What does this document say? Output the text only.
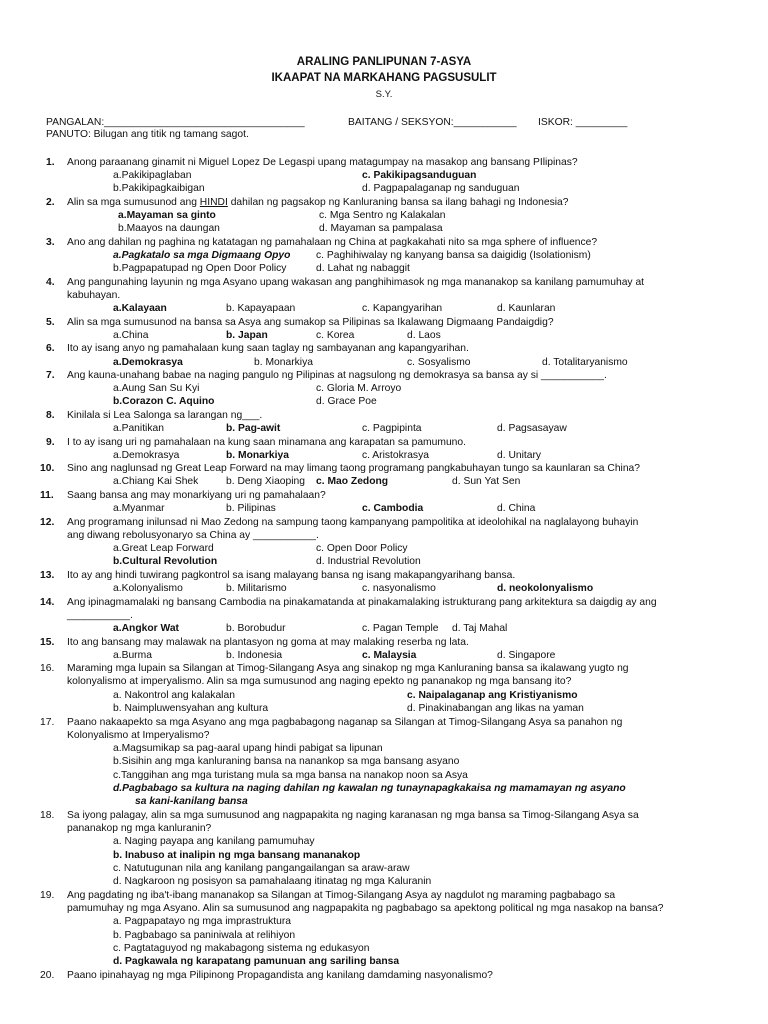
ARALING PANLIPUNAN 7-ASYA
IKAAPAT NA MARKAHANG PAGSUSULIT
S.Y.
PANGALAN:___________________________________	BAITANG / SEKSYON:___________ ISKOR: _________
PANUTO: Bilugan ang titik ng tamang sagot.
1. Anong paraanang ginamit ni Miguel Lopez De Legaspi upang matagumpay na masakop ang bansang PIlipinas?
a.Pakikipaglaban	c. Pakikipagsanduguan
b.Pakikipagkaibigan	d. Pagpapalaganap ng sanduguan
2. Alin sa mga sumusunod ang HINDI dahilan ng pagsakop ng Kanluraning bansa sa ilang bahagi ng Indonesia?
a.Mayaman sa ginto	c. Mga Sentro ng Kalakalan
b.Maayos na daungan	d. Mayaman sa pampalasa
3. Ano ang dahilan ng paghina ng katatagan ng pamahalaan ng China at pagkakahati nito sa mga sphere of influence?
a.Pagkatalo sa mga Digmaang Opyo c. Paghihiwalay ng kanyang bansa sa daigidig (Isolationism)
b.Pagpapatupad ng Open Door Policy	d. Lahat ng nabaggit
4. Ang pangunahing layunin ng mga Asyano upang wakasan ang panghihimasok ng mga mananakop sa kanilang pamumuhay at
kabuhayan.
a.Kalayaan	b. Kapayapaan	c. Kapangyarihan	d. Kaunlaran
5. Alin sa mga sumusunod na bansa sa Asya ang sumakop sa Pilipinas sa Ikalawang Digmaang Pandaigdig?
a.China	b. Japan	c. Korea	d. Laos
6. Ito ay isang anyo ng pamahalaan kung saan taglay ng sambayanan ang kapangyarihan.
a.Demokrasya	b. Monarkiya	c. Sosyalismo	d. Totalitaryanismo
7. Ang kauna-unahang babae na naging pangulo ng Pilipinas at nagsulong ng demokrasya sa bansa ay si ___________.
a.Aung San Su Kyi	c. Gloria M. Arroyo
b.Corazon C. Aquino	d. Grace Poe
8. Kinilala si Lea Salonga sa larangan ng___.
a.Panitikan	b. Pag-awit	c. Pagpipinta	d. Pagsasayaw
9. I to ay isang uri ng pamahalaan na kung saan minamana ang karapatan sa pamumuno.
a.Demokrasya	b. Monarkiya	c. Aristokrasya	d. Unitary
10. Sino ang naglunsad ng Great Leap Forward na may limang taong programang pangkabuhayan tungo sa kaunlaran sa China?
a.Chiang Kai Shek	b. Deng Xiaoping c. Mao Zedong	d. Sun Yat Sen
11. Saang bansa ang may monarkiyang uri ng pamahalaan?
a.Myanmar	b. Pilipinas	c. Cambodia	d. China
12. Ang programang inilunsad ni Mao Zedong na sampung taong kampanyang pampolitika at ideolohikal na naglalayong buhayin
ang diwang rebolusyonaryo sa China ay ___________.
a.Great Leap Forward	c. Open Door Policy
b.Cultural Revolution	d. Industrial Revolution
13. Ito ay ang hindi tuwirang pagkontrol sa isang malayang bansa ng isang makapangyarihang bansa.
a.Kolonyalismo	b. Militarismo	c. nasyonalismo	d. neokolonyalismo
14. Ang ipinagmamalaki ng bansang Cambodia na pinakamatanda at pinakamalaking istrukturang pang arkitektura sa daigdig ay ang
___________.
a.Angkor Wat	b. Borobudur	c. Pagan Temple d. Taj Mahal
15. Ito ang bansang may malawak na plantasyon ng goma at may malaking reserba ng lata.
a.Burma	b. Indonesia	c. Malaysia	d. Singapore
16. Maraming mga lupain sa Silangan at Timog-Silangang Asya ang sinakop ng mga Kanluraning bansa sa ikalawang yugto ng
kolonyalismo at imperyalismo. Alin sa mga sumusunod ang naging epekto ng pananakop ng mga bansang ito?
a. Nakontrol ang kalakalan	c. Naipalaganap ang Kristiyanismo
b. Naimpluwensyahan ang kultura	d. Pinakinabangan ang likas na yaman
17. Paano nakaapekto sa mga Asyano ang mga pagbabagong naganap sa Silangan at Timog-Silangang Asya sa panahon ng
Kolonyalismo at Imperyalismo?
a.Magsumikap sa pag-aaral upang hindi pabigat sa lipunan
b.Sisihin ang mga kanluraning bansa na nanankop sa mga bansang asyano
c.Tanggihan ang mga turistang mula sa mga bansa na nanakop noon sa Asya
d.Pagbabago sa kultura na naging dahilan ng kawalan ng tunaynapagkakaisa ng mamamayan ng asyano
sa kani-kanilang bansa
18. Sa iyong palagay, alin sa mga sumusunod ang nagpapakita ng naging karanasan ng mga bansa sa Timog-Silangang Asya sa
pananakop ng mga kanluranin?
a. Naging payapa ang kanilang pamumuhay
b. Inabuso at inalipin ng mga bansang mananakop
c. Natutugunan nila ang kanilang pangangailangan sa araw-araw
d. Nagkaroon ng posisyon sa pamahalaang itinatag ng mga Kaluranin
19. Ang pagdating ng iba't-ibang mananakop sa Silangan at Timog-Silangang Asya ay nagdulot ng maraming pagbabago sa
pamumuhay ng mga Asyano. Alin sa sumusunod ang nagpapakita ng pagbabago sa apektong political ng mga nasakop na bansa?
a. Pagpapatayo ng mga imprastruktura
b. Pagbabago sa paniniwala at relihiyon
c. Pagtataguyod ng makabagong sistema ng edukasyon
d. Pagkawala ng karapatang pamunuan ang sariling bansa
20. Paano ipinahayag ng mga Pilipinong Propagandista ang kanilang damdaming nasyonalismo?
